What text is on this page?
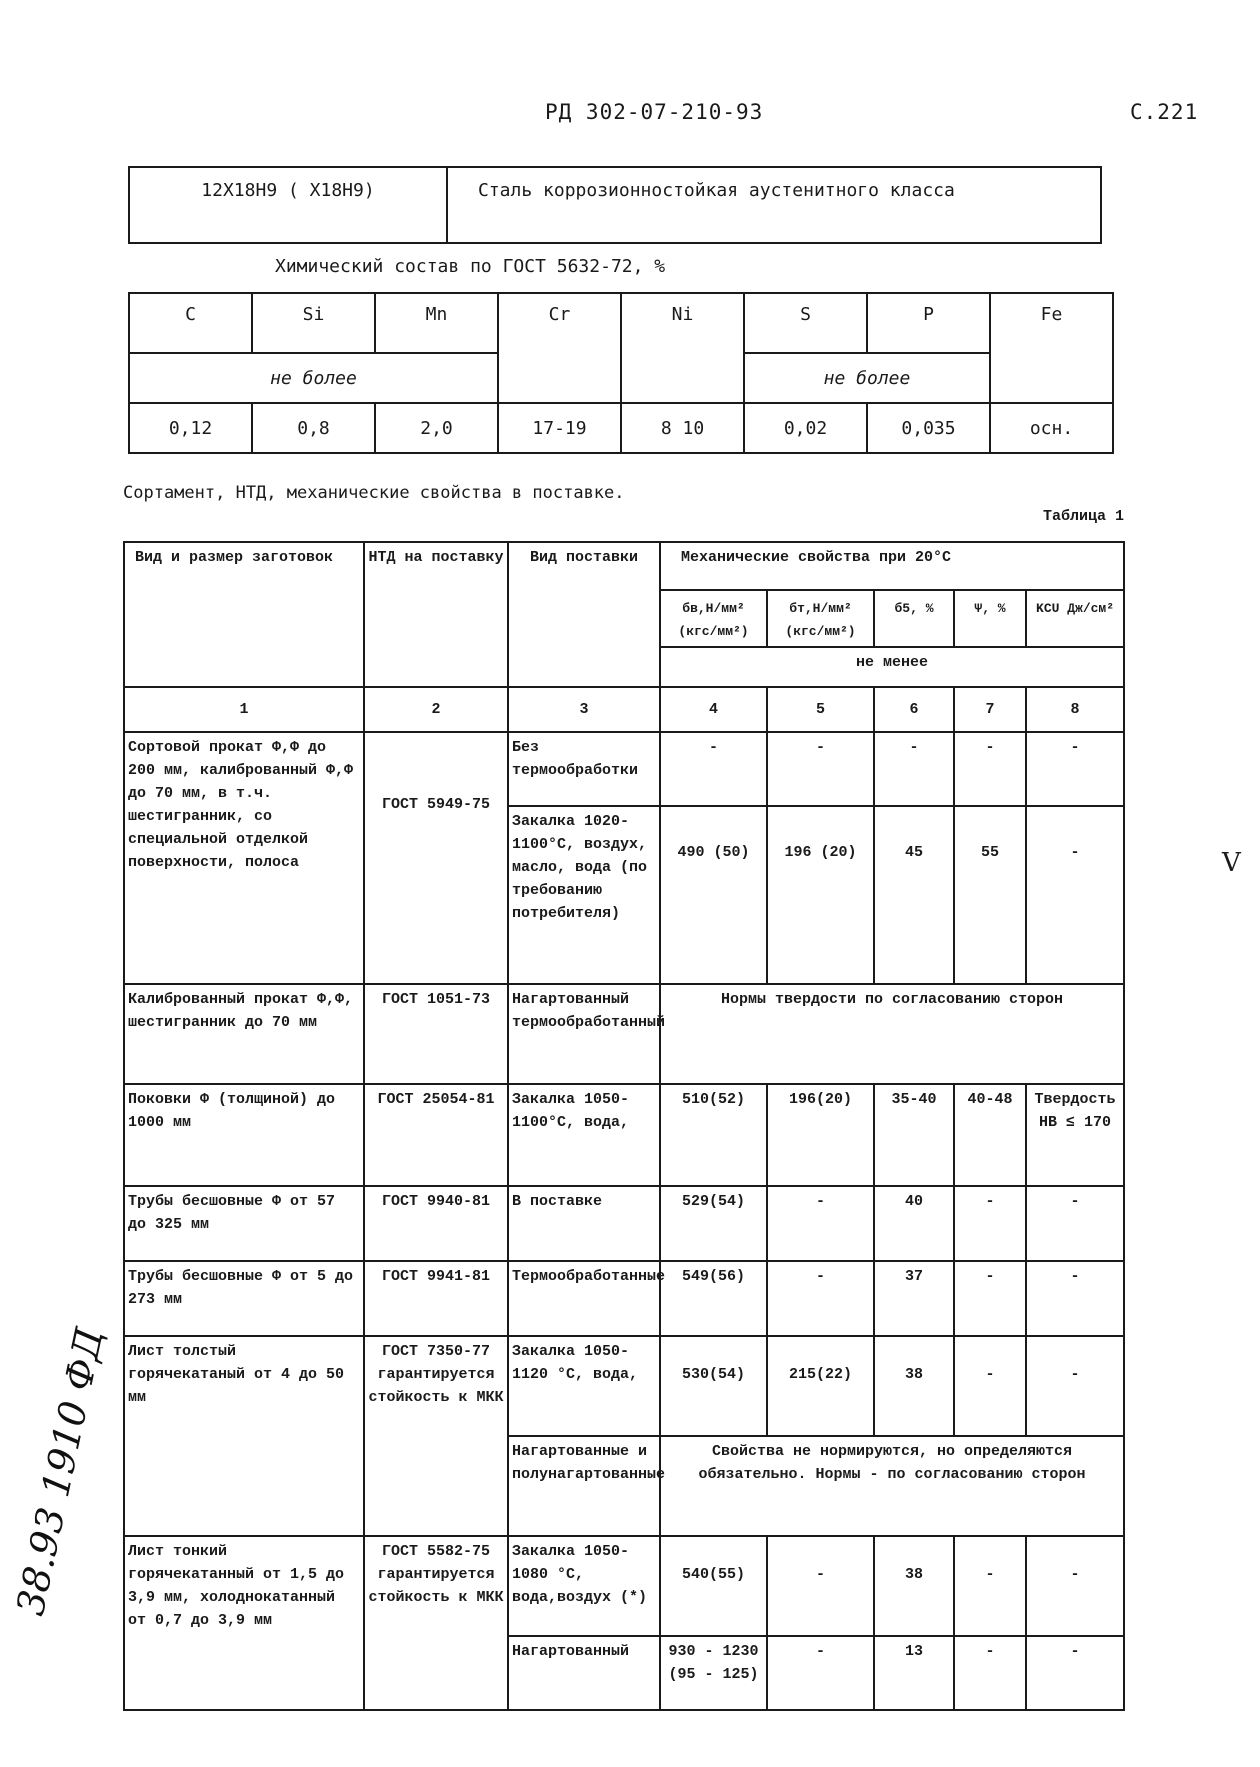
РД 302-07-210-93	С.221
12Х18Н9 ( Х18Н9)	Сталь коррозионностойкая аустенитного класса
Химический состав по ГОСТ 5632-72, %
C	Si	Mn	Cr	Ni	S	P	Fe
не более					не более		
0,12	0,8	2,0	17-19	8 10	0,02	0,035	осн.
Сортамент, НТД, механические свойства в поставке.
Таблица 1
Вид и размер заготовок	НТД на поставку	Вид поставки	Механические свойства при 20°С				
			бв,Н/мм² (кгс/мм²)	бт,Н/мм² (кгс/мм²)	б5, %	Ψ, %	KCU Дж/см²
			не менее				
1	2	3	4	5	6	7	8
Сортовой прокат Ф,Ф до 200 мм, калиброванный Ф,Ф до 70 мм, в т.ч. шестигранник, со специальной отделкой поверхности, полоса	ГОСТ 5949-75	Без термообработки	-	-	-	-	-
		Закалка 1020-1100°С, воздух, масло, вода (по требованию потребителя)	490 (50)	196 (20)	45	55	-
Калиброванный прокат Ф,Ф, шестигранник до 70 мм	ГОСТ 1051-73	Нагартованный термообработанный	Нормы твердости по согласованию сторон				
Поковки Ф (толщиной) до 1000 мм	ГОСТ 25054-81	Закалка 1050-1100°С, вода,	510(52)	196(20)	35-40	40-48	Твердость НВ ≤ 170
Трубы бесшовные Ф от 57 до 325 мм	ГОСТ 9940-81	В поставке	529(54)	-	40	-	-
Трубы бесшовные Ф от 5 до 273 мм	ГОСТ 9941-81	Термообработанные	549(56)	-	37	-	-
Лист толстый горячекатаный от 4 до 50 мм	ГОСТ 7350-77 гарантируется стойкость к МКК	Закалка 1050-1120 °С, вода,	530(54)	215(22)	38	-	-
		Нагартованные и полунагартованные	Свойства не нормируются, но определяются обязательно. Нормы - по согласованию сторон				
Лист тонкий горячекатанный от 1,5 до 3,9 мм, холоднокатанный от 0,7 до 3,9 мм	ГОСТ 5582-75 гарантируется стойкость к МКК	Закалка 1050-1080 °С, вода,воздух (*)	540(55)	-	38	-	-
		Нагартованный	930 - 1230 (95 - 125)	-	13	-	-
V
38.93 1910 ФД
